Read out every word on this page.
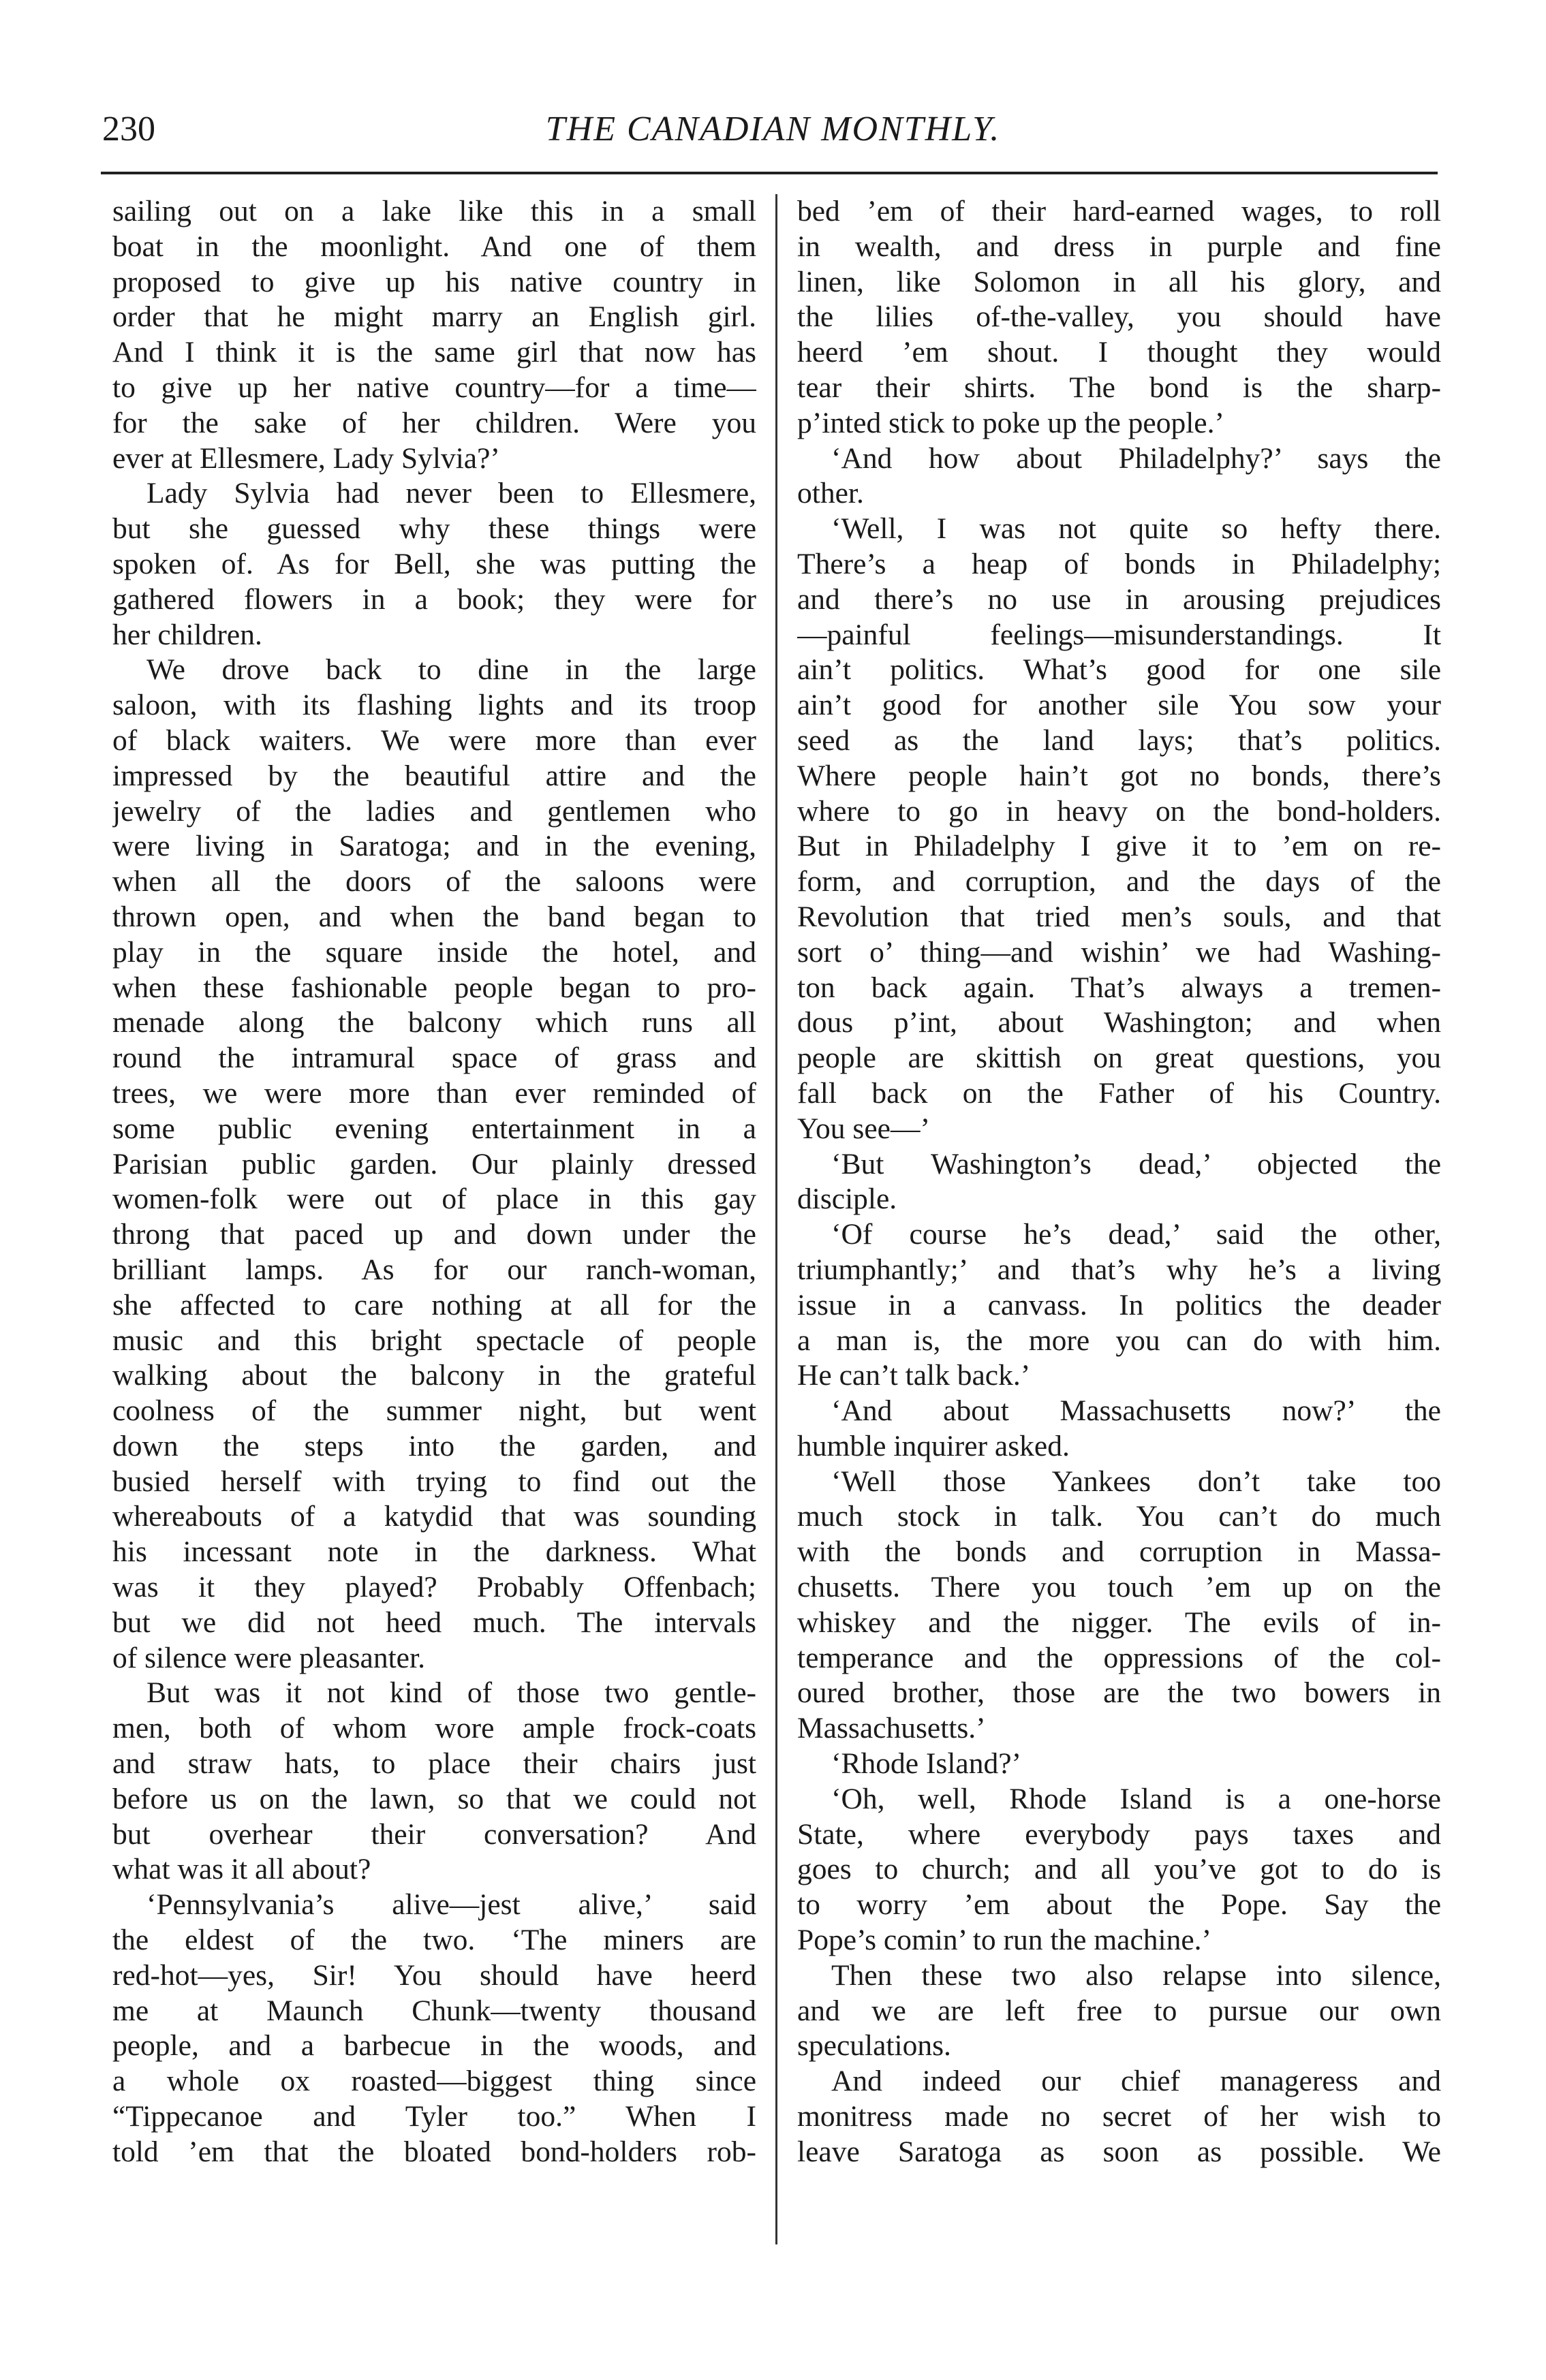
230	THE CANADIAN MONTHLY.
sailing out on a lake like this in a small
boat in the moonlight. And one of them
proposed to give up his native country in
order that he might marry an English girl.
And I think it is the same girl that now has
to give up her native country—for a time—
for the sake of her children. Were you
ever at Ellesmere, Lady Sylvia?’
Lady Sylvia had never been to Ellesmere,
but she guessed why these things were
spoken of. As for Bell, she was putting the
gathered flowers in a book; they were for
her children.
We drove back to dine in the large
saloon, with its flashing lights and its troop
of black waiters. We were more than ever
impressed by the beautiful attire and the
jewelry of the ladies and gentlemen who
were living in Saratoga; and in the evening,
when all the doors of the saloons were
thrown open, and when the band began to
play in the square inside the hotel, and
when these fashionable people began to pro-
menade along the balcony which runs all
round the intramural space of grass and
trees, we were more than ever reminded of
some public evening entertainment in a
Parisian public garden. Our plainly dressed
women-folk were out of place in this gay
throng that paced up and down under the
brilliant lamps. As for our ranch-woman,
she affected to care nothing at all for the
music and this bright spectacle of people
walking about the balcony in the grateful
coolness of the summer night, but went
down the steps into the garden, and
busied herself with trying to find out the
whereabouts of a katydid that was sounding
his incessant note in the darkness. What
was it they played? Probably Offenbach;
but we did not heed much. The intervals
of silence were pleasanter.
But was it not kind of those two gentle-
men, both of whom wore ample frock-coats
and straw hats, to place their chairs just
before us on the lawn, so that we could not
but overhear their conversation? And
what was it all about?
‘Pennsylvania’s alive—jest alive,’ said
the eldest of the two. ‘The miners are
red-hot—yes, Sir! You should have heerd
me at Maunch Chunk—twenty thousand
people, and a barbecue in the woods, and
a whole ox roasted—biggest thing since
“Tippecanoe and Tyler too.” When I
told ’em that the bloated bond-holders rob-
bed ’em of their hard-earned wages, to roll
in wealth, and dress in purple and fine
linen, like Solomon in all his glory, and
the lilies of-the-valley, you should have
heerd ’em shout. I thought they would
tear their shirts. The bond is the sharp-
p’inted stick to poke up the people.’
‘And how about Philadelphy?’ says the
other.
‘Well, I was not quite so hefty there.
There’s a heap of bonds in Philadelphy;
and there’s no use in arousing prejudices
—painful feelings—misunderstandings. It
ain’t politics. What’s good for one sile
ain’t good for another sile You sow your
seed as the land lays; that’s politics.
Where people hain’t got no bonds, there’s
where to go in heavy on the bond-holders.
But in Philadelphy I give it to ’em on re-
form, and corruption, and the days of the
Revolution that tried men’s souls, and that
sort o’ thing—and wishin’ we had Washing-
ton back again. That’s always a tremen-
dous p’int, about Washington; and when
people are skittish on great questions, you
fall back on the Father of his Country.
You see—’
‘But Washington’s dead,’ objected the
disciple.
‘Of course he’s dead,’ said the other,
triumphantly;’ and that’s why he’s a living
issue in a canvass. In politics the deader
a man is, the more you can do with him.
He can’t talk back.’
‘And about Massachusetts now?’ the
humble inquirer asked.
‘Well those Yankees don’t take too
much stock in talk. You can’t do much
with the bonds and corruption in Massa-
chusetts. There you touch ’em up on the
whiskey and the nigger. The evils of in-
temperance and the oppressions of the col-
oured brother, those are the two bowers in
Massachusetts.’
‘Rhode Island?’
‘Oh, well, Rhode Island is a one-horse
State, where everybody pays taxes and
goes to church; and all you’ve got to do is
to worry ’em about the Pope. Say the
Pope’s comin’ to run the machine.’
Then these two also relapse into silence,
and we are left free to pursue our own
speculations.
And indeed our chief manageress and
monitress made no secret of her wish to
leave Saratoga as soon as possible. We
